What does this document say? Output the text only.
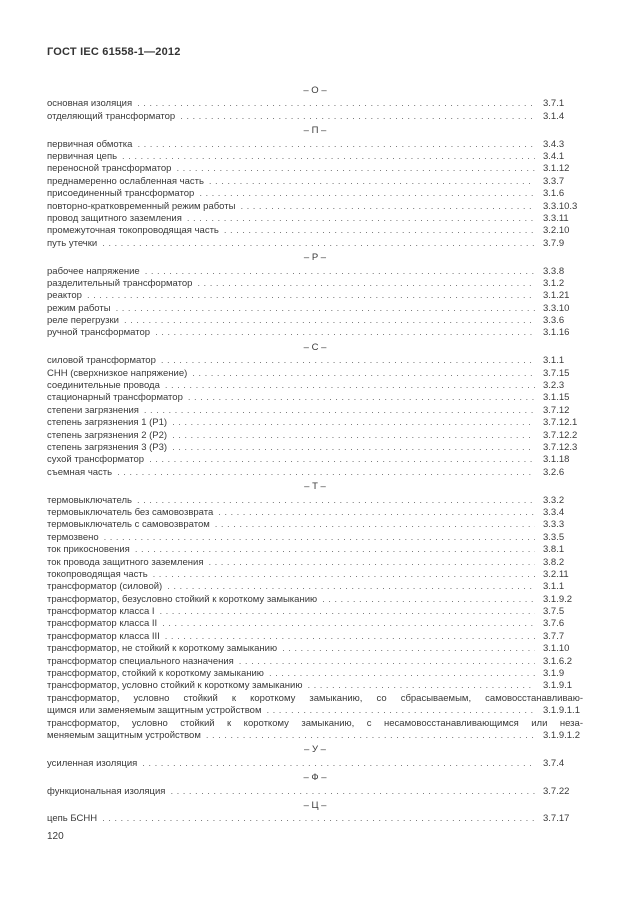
ГОСТ IEC 61558-1—2012
– О –
основная изоляция .....	3.7.1
отделяющий трансформатор .....	3.1.4
– П –
первичная обмотка .....	3.4.3
первичная цепь .....	3.4.1
переносной трансформатор .....	3.1.12
преднамеренно ослабленная часть .....	3.3.7
присоединенный трансформатор .....	3.1.6
повторно-кратковременный режим работы .....	3.3.10.3
провод защитного заземления .....	3.3.11
промежуточная токопроводящая часть .....	3.2.10
путь утечки .....	3.7.9
– Р –
рабочее напряжение .....	3.3.8
разделительный трансформатор .....	3.1.2
реактор .....	3.1.21
режим работы .....	3.3.10
реле перегрузки .....	3.3.6
ручной трансформатор .....	3.1.16
– С –
силовой трансформатор .....	3.1.1
СНН (сверхнизкое напряжение) .....	3.7.15
соединительные провода .....	3.2.3
стационарный трансформатор .....	3.1.15
степени загрязнения .....	3.7.12
степень загрязнения 1 (P1) .....	3.7.12.1
степень загрязнения 2 (P2) .....	3.7.12.2
степень загрязнения 3 (P3) .....	3.7.12.3
сухой трансформатор .....	3.1.18
съемная часть .....	3.2.6
– Т –
термовыключатель .....	3.3.2
термовыключатель без самовозврата .....	3.3.4
термовыключатель с самовозвратом .....	3.3.3
термозвено .....	3.3.5
ток прикосновения .....	3.8.1
ток провода защитного заземления .....	3.8.2
токопроводящая часть .....	3.2.11
трансформатор (силовой) .....	3.1.1
трансформатор, безусловно стойкий к короткому замыканию .....	3.1.9.2
трансформатор класса I .....	3.7.5
трансформатор класса II .....	3.7.6
трансформатор класса III .....	3.7.7
трансформатор, не стойкий к короткому замыканию .....	3.1.10
трансформатор специального назначения .....	3.1.6.2
трансформатор, стойкий к короткому замыканию .....	3.1.9
трансформатор, условно стойкий к короткому замыканию .....	3.1.9.1
трансформатор, условно стойкий к короткому замыканию, со сбрасываемым, самовосстанавливаю-
щимся или заменяемым защитным устройством .....	3.1.9.1.1
трансформатор, условно стойкий к короткому замыканию, с несамовосстанавливающимся или неза-
меняемым защитным устройством .....	3.1.9.1.2
– У –
усиленная изоляция .....	3.7.4
– Ф –
функциональная изоляция .....	3.7.22
– Ц –
цепь БСНН .....	3.7.17
120
